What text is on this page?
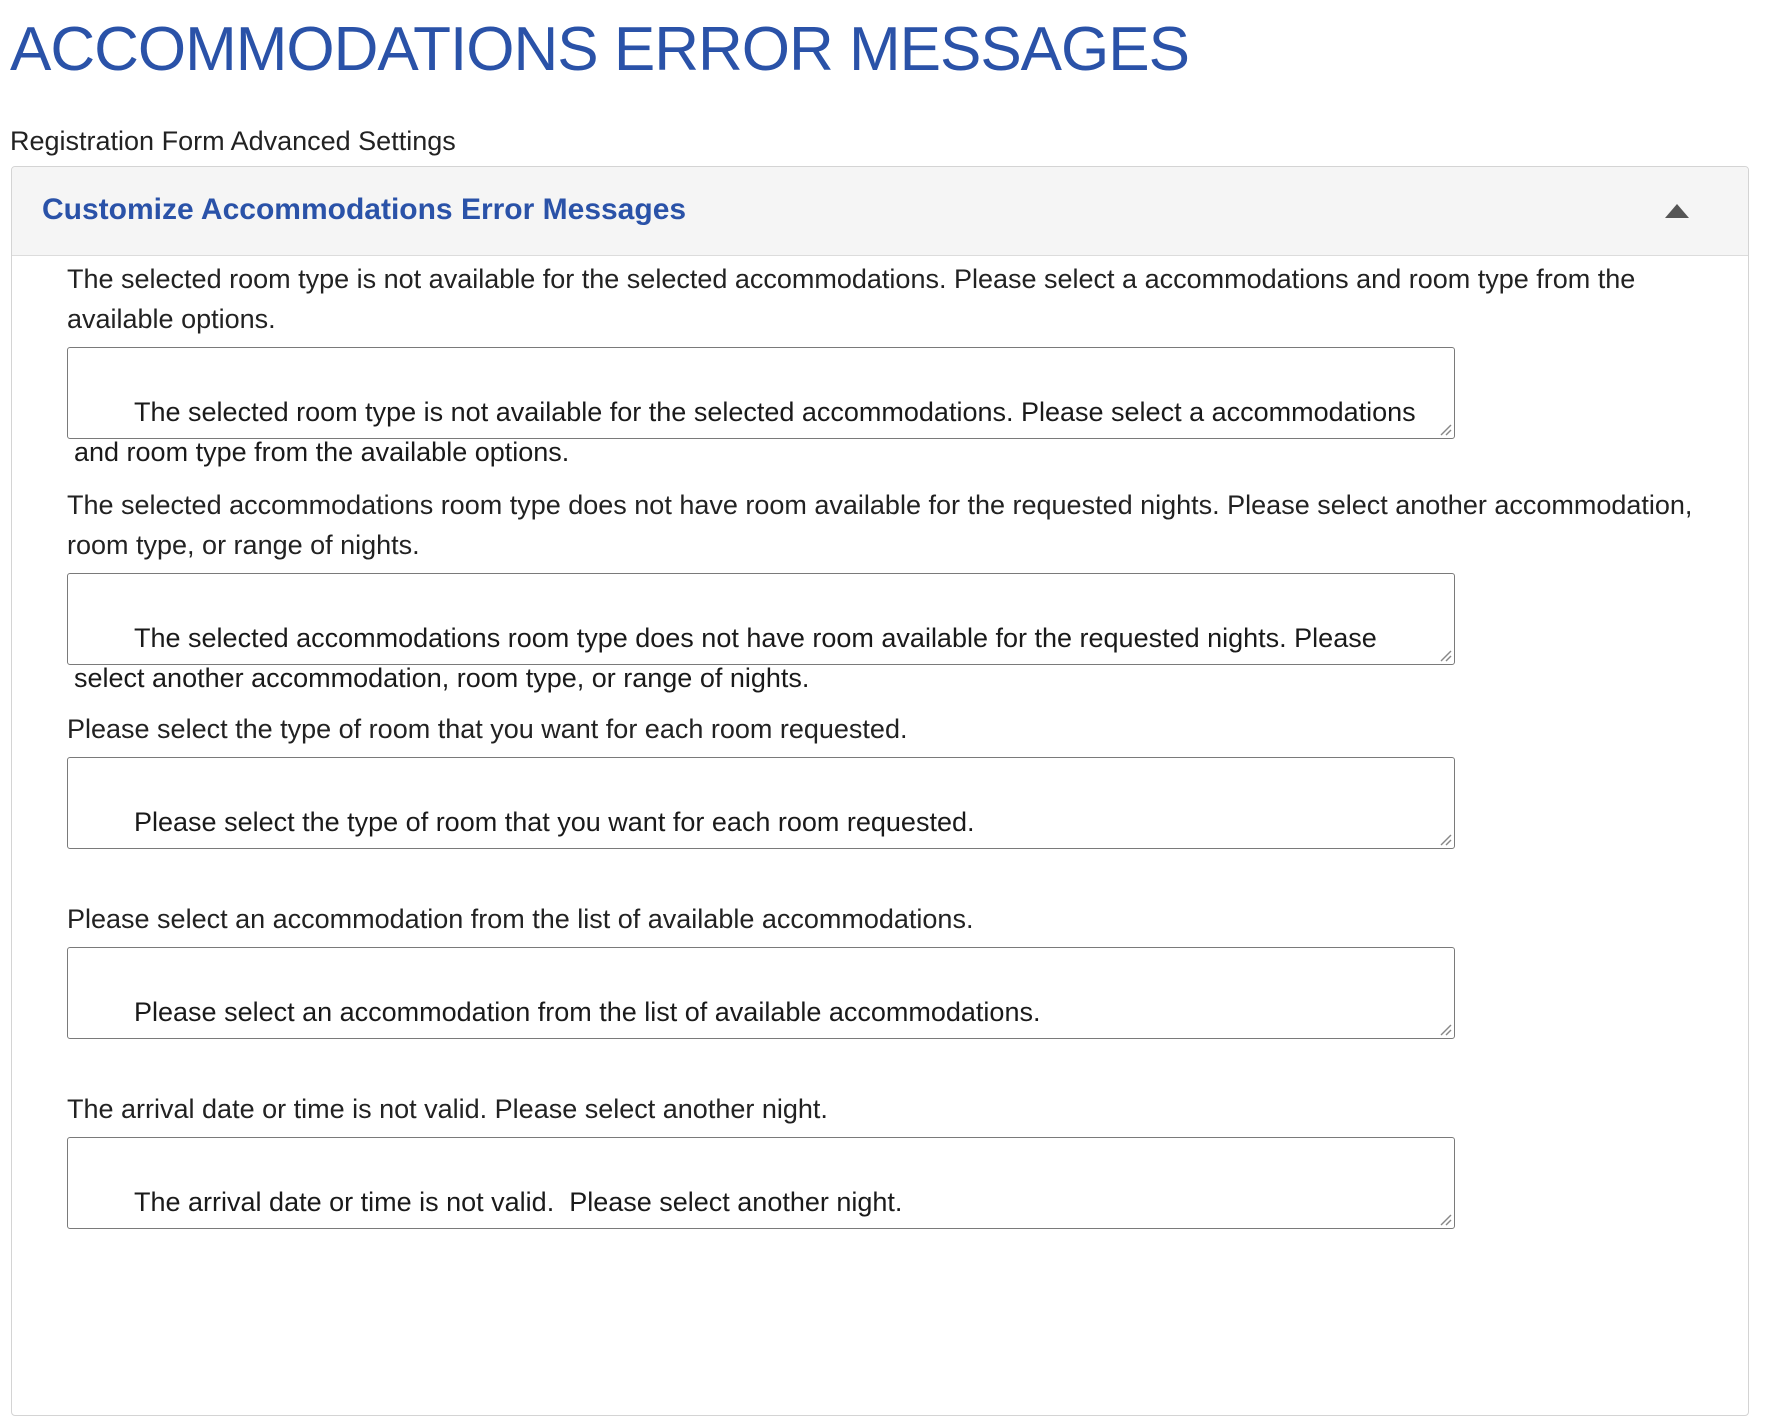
ACCOMMODATIONS ERROR MESSAGES
Registration Form Advanced Settings
Customize Accommodations Error Messages
The selected room type is not available for the selected accommodations. Please select a accommodations and room type from the available options.

The selected room type is not available for the selected accommodations. Please select a accommodations and room type from the available options.

The selected accommodations room type does not have room available for the requested nights. Please select another accommodation, room type, or range of nights.

The selected accommodations room type does not have room available for the requested nights. Please select another accommodation, room type, or range of nights.

Please select the type of room that you want for each room requested.

Please select the type of room that you want for each room requested.

Please select an accommodation from the list of available accommodations.

Please select an accommodation from the list of available accommodations.

The arrival date or time is not valid. Please select another night.

The arrival date or time is not valid.  Please select another night.
